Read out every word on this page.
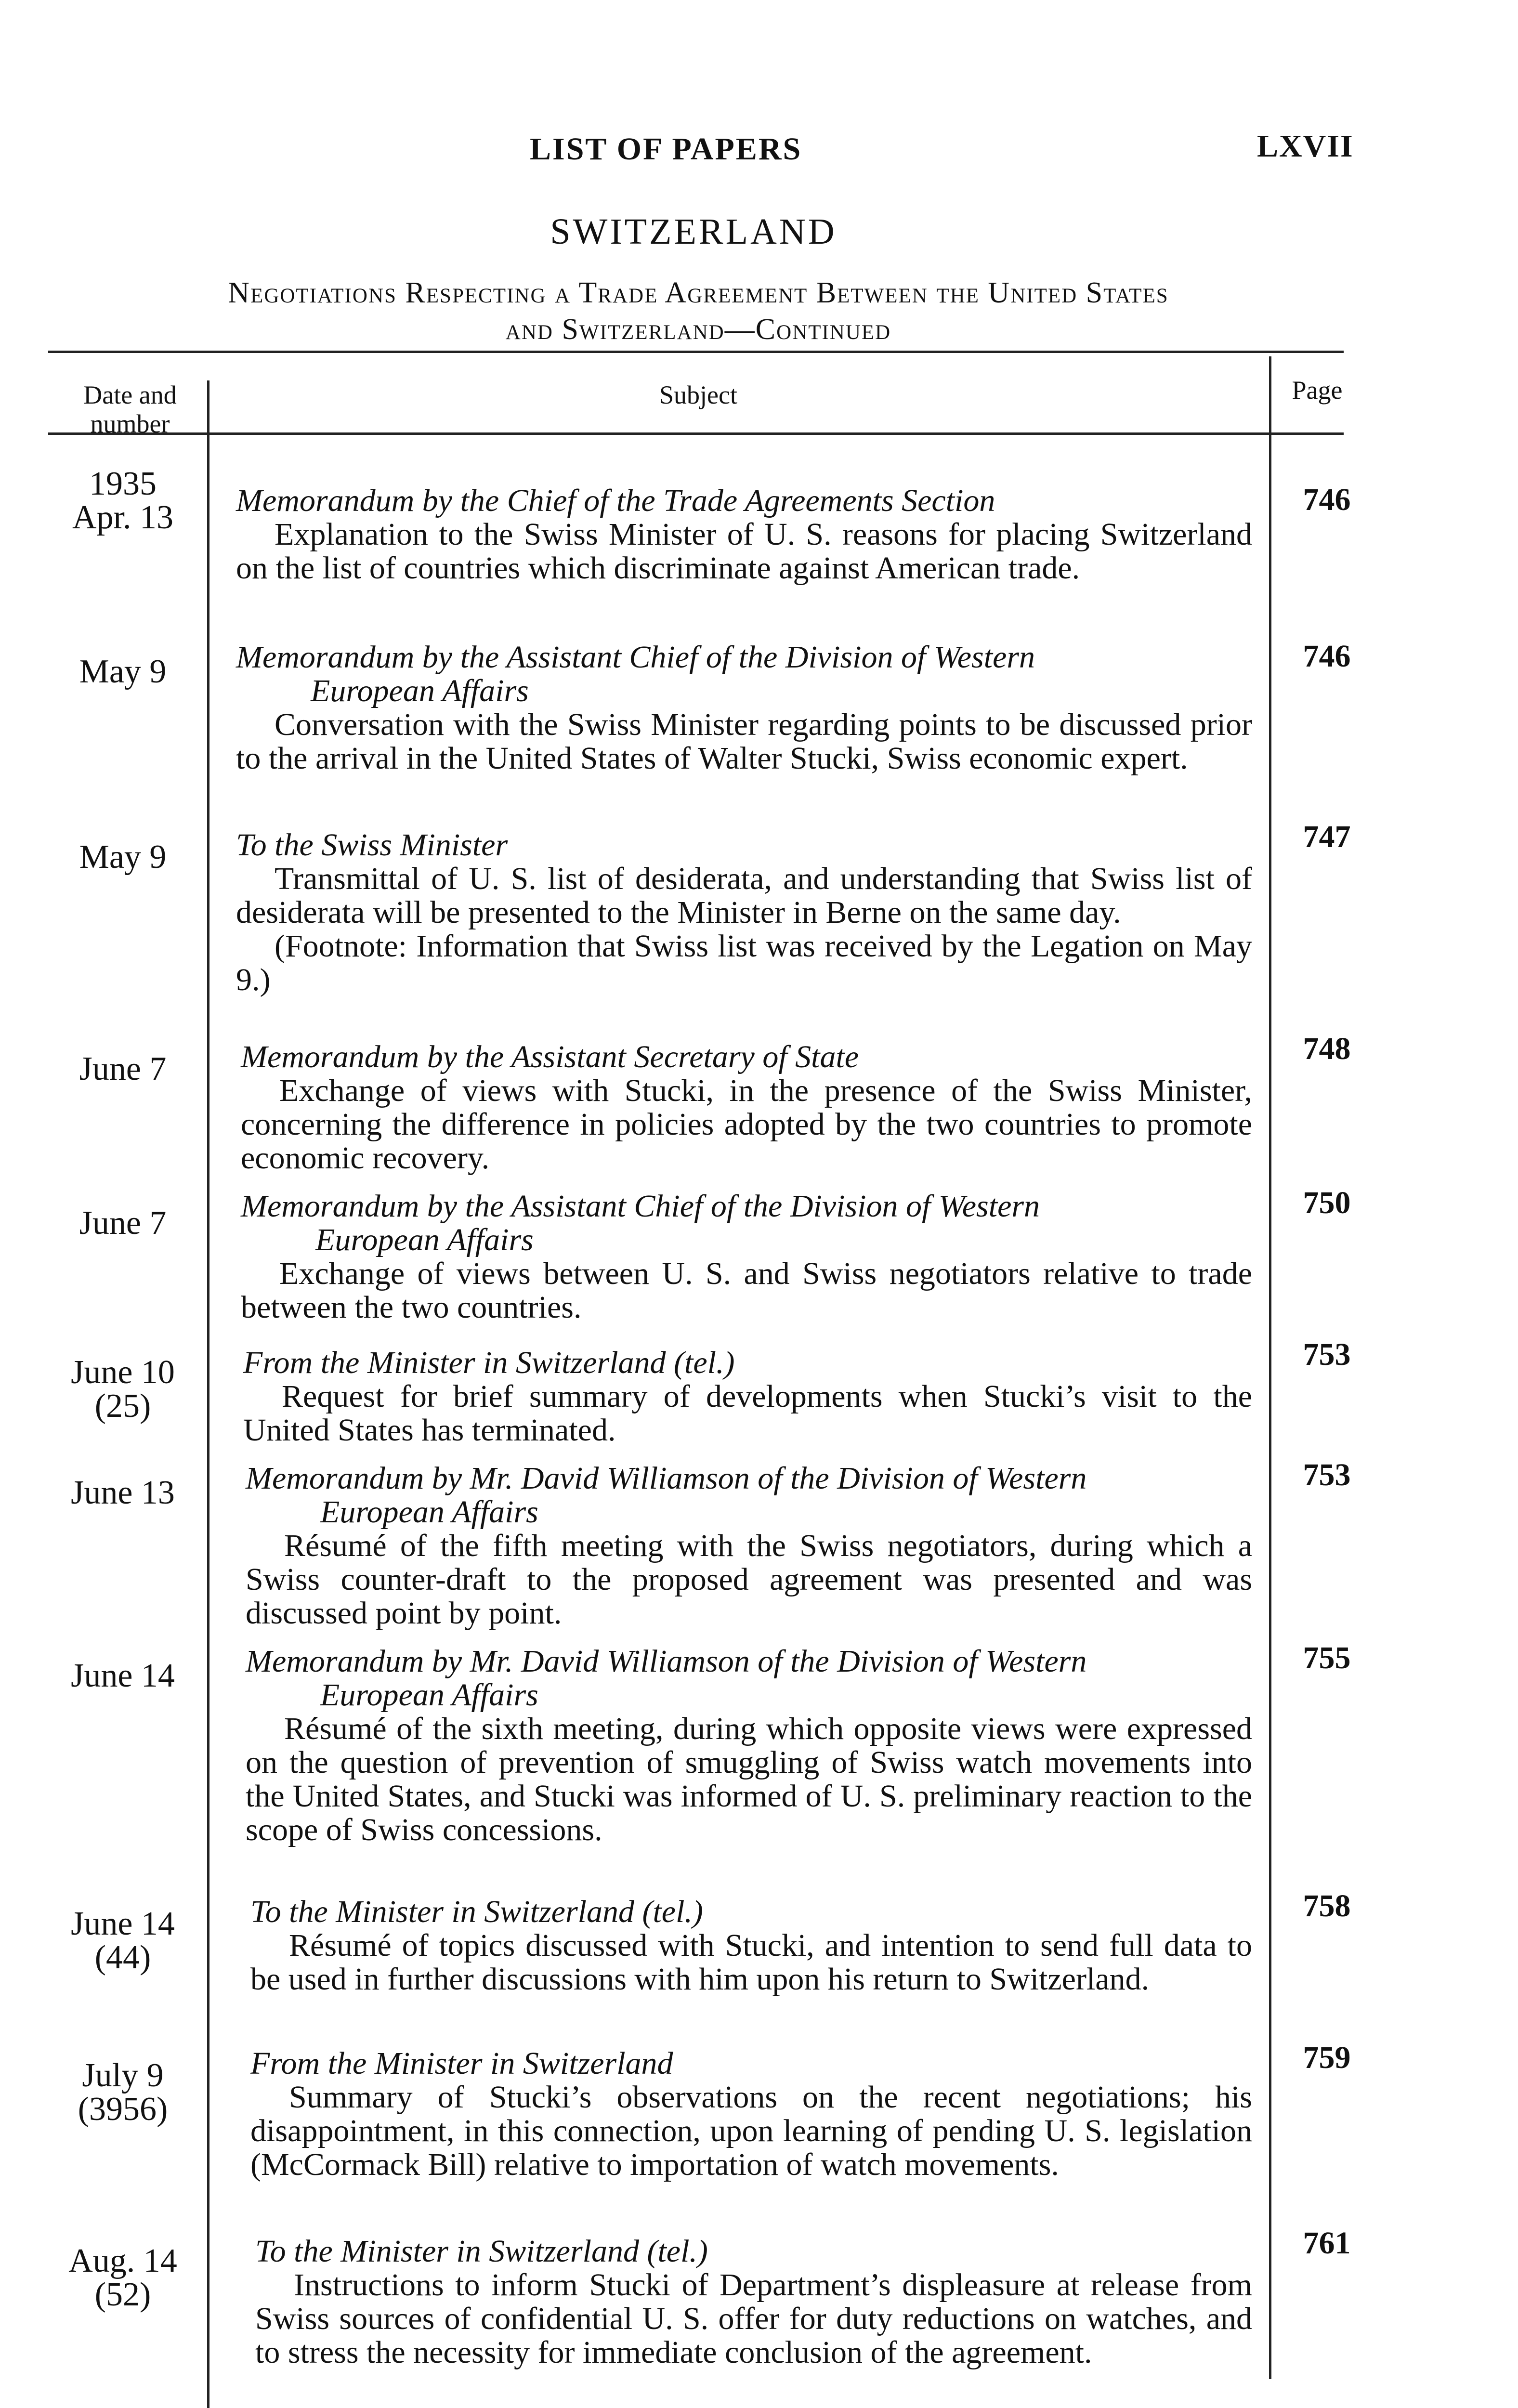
LIST OF PAPERS	LXVII
SWITZERLAND
Negotiations Respecting a Trade Agreement Between the United States
and Switzerland—Continued
Date and
number
Subject	Page
1935
Apr. 13	Memorandum by the Chief of the Trade Agreements Section
Explanation to the Swiss Minister of U. S. reasons for placing Switzerland on the list of countries which discriminate against American trade.
746
May 9	Memorandum by the Assistant Chief of the Division of Western
European Affairs
Conversation with the Swiss Minister regarding points to be discussed prior to the arrival in the United States of Walter Stucki, Swiss economic expert.
746
May 9	To the Swiss Minister
Transmittal of U. S. list of desiderata, and understanding that Swiss list of desiderata will be presented to the Minister in Berne on the same day.
(Footnote: Information that Swiss list was received by the Legation on May 9.)
747
June 7	Memorandum by the Assistant Secretary of State
Exchange of views with Stucki, in the presence of the Swiss Minister, concerning the difference in policies adopted by the two countries to promote economic recovery.
748
June 7	Memorandum by the Assistant Chief of the Division of Western
European Affairs
Exchange of views between U. S. and Swiss negotiators relative to trade between the two countries.
750
June 10
(25)
From the Minister in Switzerland (tel.)
Request for brief summary of developments when Stucki’s visit to the United States has terminated.
753
June 13	Memorandum by Mr. David Williamson of the Division of Western
European Affairs
Résumé of the fifth meeting with the Swiss negotiators, during which a Swiss counter-draft to the proposed agreement was presented and was discussed point by point.
753
June 14	Memorandum by Mr. David Williamson of the Division of Western
European Affairs
Résumé of the sixth meeting, during which opposite views were expressed on the question of prevention of smuggling of Swiss watch movements into the United States, and Stucki was informed of U. S. preliminary reaction to the scope of Swiss concessions.
755
June 14
(44)
To the Minister in Switzerland (tel.)
Résumé of topics discussed with Stucki, and intention to send full data to be used in further discussions with him upon his return to Switzerland.
758
July 9
(3956)
From the Minister in Switzerland
Summary of Stucki’s observations on the recent negotiations; his disappointment, in this connection, upon learning of pending U. S. legislation (McCormack Bill) relative to importation of watch movements.
759
Aug. 14
(52)
To the Minister in Switzerland (tel.)
Instructions to inform Stucki of Department’s displeasure at release from Swiss sources of confidential U. S. offer for duty reductions on watches, and to stress the necessity for immediate conclusion of the agreement.
761
